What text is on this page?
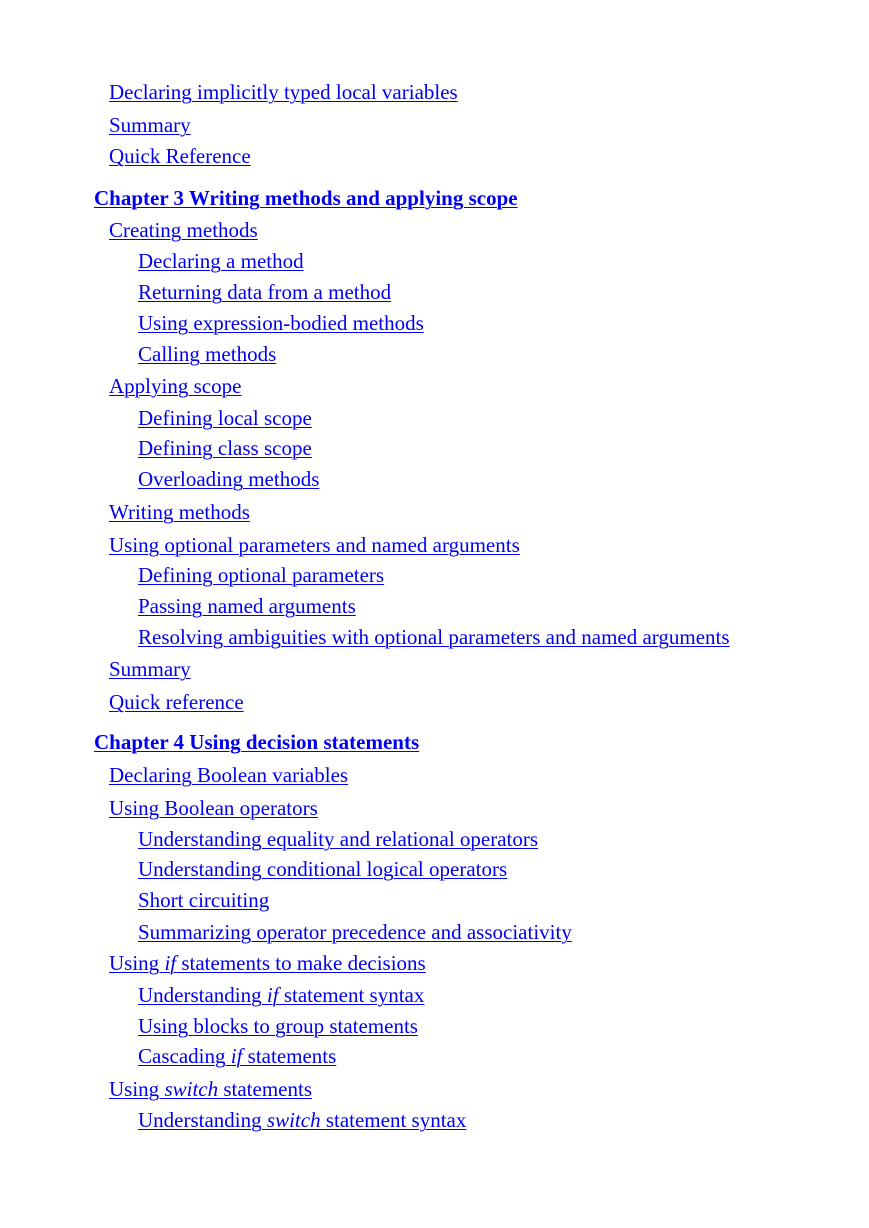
Declaring implicitly typed local variables
Summary
Quick Reference
Chapter 3 Writing methods and applying scope
Creating methods
Declaring a method
Returning data from a method
Using expression-bodied methods
Calling methods
Applying scope
Defining local scope
Defining class scope
Overloading methods
Writing methods
Using optional parameters and named arguments
Defining optional parameters
Passing named arguments
Resolving ambiguities with optional parameters and named arguments
Summary
Quick reference
Chapter 4 Using decision statements
Declaring Boolean variables
Using Boolean operators
Understanding equality and relational operators
Understanding conditional logical operators
Short circuiting
Summarizing operator precedence and associativity
Using if statements to make decisions
Understanding if statement syntax
Using blocks to group statements
Cascading if statements
Using switch statements
Understanding switch statement syntax
